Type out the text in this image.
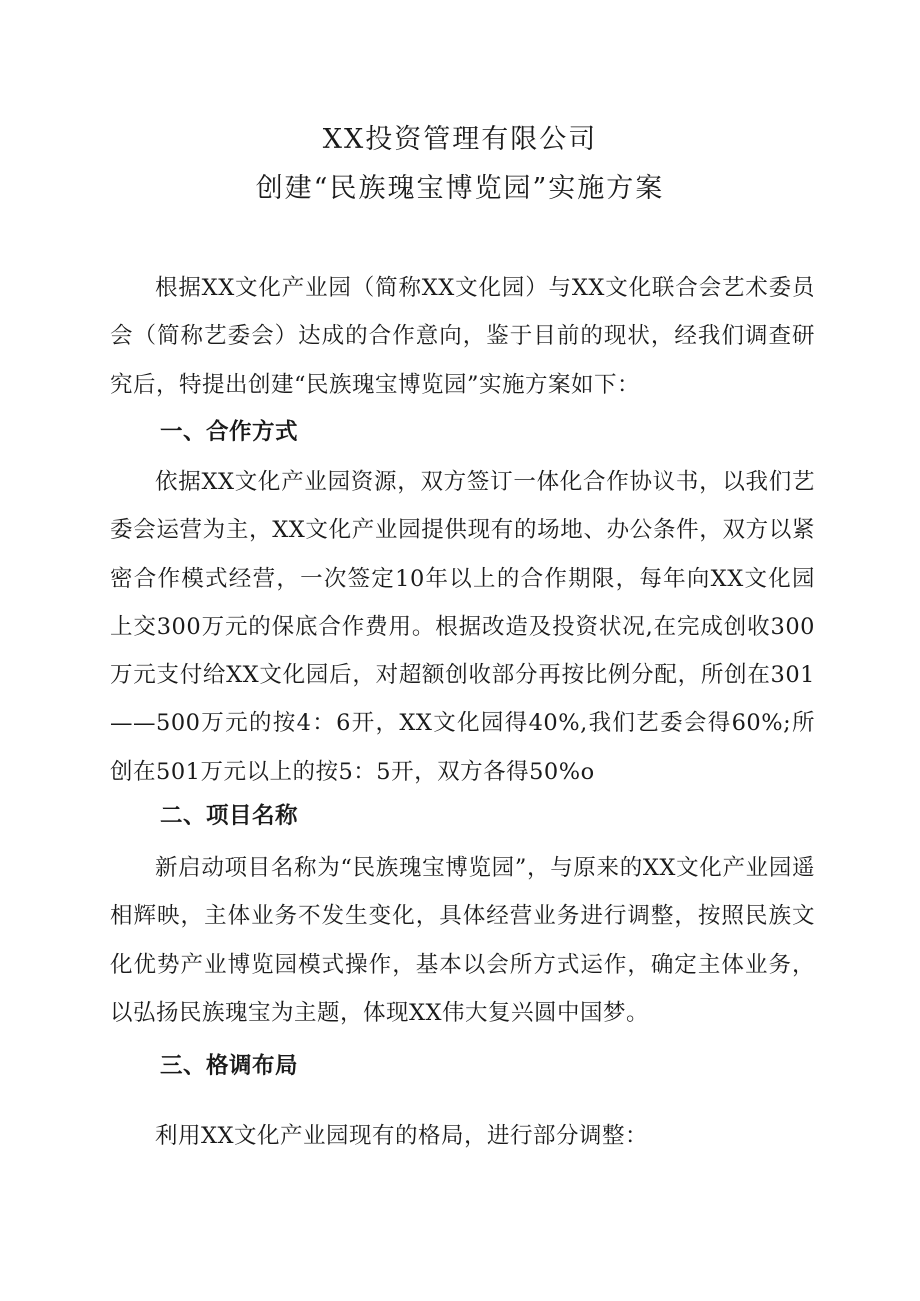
XX投资管理有限公司
创建“民族瑰宝博览园”实施方案
根据XX文化产业园（简称XX文化园）与XX文化联合会艺术委员会（简称艺委会）达成的合作意向，鉴于目前的现状，经我们调查研究后，特提出创建“民族瑰宝博览园”实施方案如下：
一、合作方式
依据XX文化产业园资源，双方签订一体化合作协议书，以我们艺委会运营为主，XX文化产业园提供现有的场地、办公条件，双方以紧密合作模式经营，一次签定10年以上的合作期限，每年向XX文化园上交300万元的保底合作费用。根据改造及投资状况,在完成创收300万元支付给XX文化园后，对超额创收部分再按比例分配，所创在301——500万元的按4：6开，XX文化园得40%,我们艺委会得60%;所创在501万元以上的按5：5开，双方各得50%o
二、项目名称
新启动项目名称为“民族瑰宝博览园”，与原来的XX文化产业园遥相辉映，主体业务不发生变化，具体经营业务进行调整，按照民族文化优势产业博览园模式操作，基本以会所方式运作，确定主体业务，以弘扬民族瑰宝为主题，体现XX伟大复兴圆中国梦。
三、格调布局
利用XX文化产业园现有的格局，进行部分调整：
